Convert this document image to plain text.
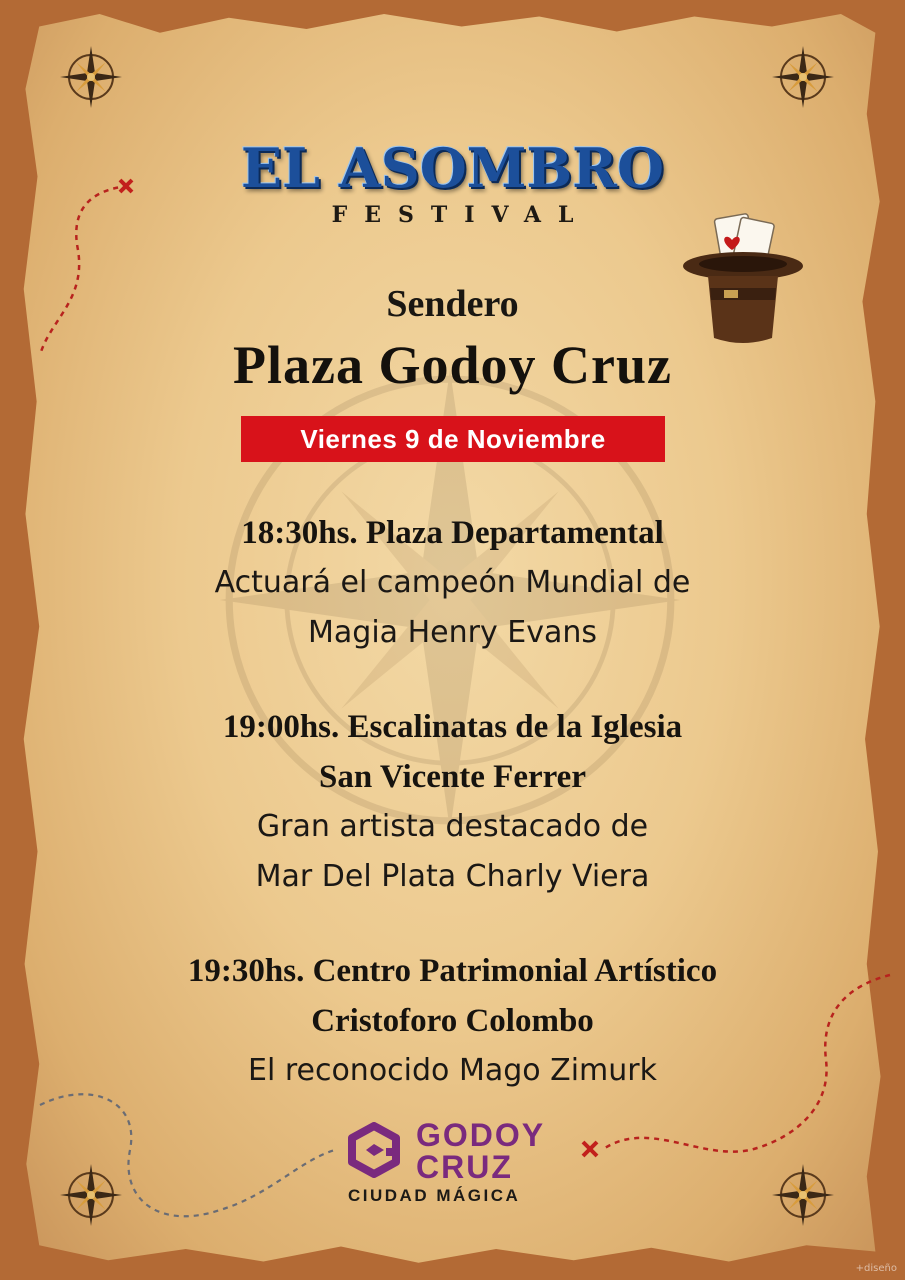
EL ASOMBRO
FESTIVAL
Sendero
Plaza Godoy Cruz
Viernes 9 de Noviembre
18:30hs. Plaza Departamental
Actuará el campeón Mundial de
Magia Henry Evans
19:00hs. Escalinatas de la Iglesia
San Vicente Ferrer
Gran artista destacado de
Mar Del Plata Charly Viera
19:30hs. Centro Patrimonial Artístico
Cristoforo Colombo
El reconocido Mago Zimurk
GODOY
CRUZ
CIUDAD MÁGICA
+diseño
